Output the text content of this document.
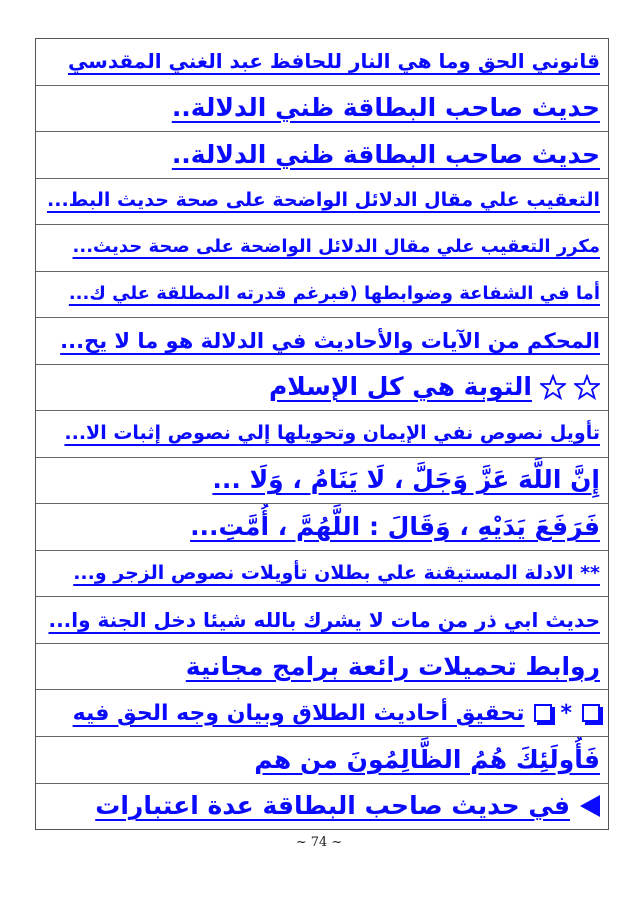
قانوني الحق وما هي النار للحافظ عبد الغني المقدسي
حديث صاحب البطاقة ظني الدلالة..
حديث صاحب البطاقة ظني الدلالة..
التعقيب علي مقال الدلائل الواضحة على صحة حديث البط...
مكرر التعقيب علي مقال الدلائل الواضحة على صحة حديث...
أما في الشفاعة وضوابطها (فبرغم قدرته المطلقة علي ك...
المحكم من الآيات والأحاديث في الدلالة هو ما لا يح...
التوبة هي كل الإسلام
تأويل نصوص نفي الإيمان وتحويلها إلي نصوص إثبات الا...
إِنَّ اللَّهَ عَزَّ وَجَلَّ ، لَا يَنَامُ ، وَلَا ...
فَرَفَعَ يَدَيْهِ ، وَقَالَ : اللَّهُمَّ ، أُمَّتِ...
** الادلة المستيقنة علي بطلان تأويلات نصوص الزجر و...
حديث ابي ذر من مات لا يشرك بالله شيئا دخل الجنة وا...
روابط تحميلات رائعة برامج مجانية
*
تحقيق أحاديث الطلاق وبيان وجه الحق فيه
فَأُولَئِكَ هُمُ الظَّالِمُونَ من هم
في حديث صاحب البطاقة عدة اعتبارات
~ 74 ~
